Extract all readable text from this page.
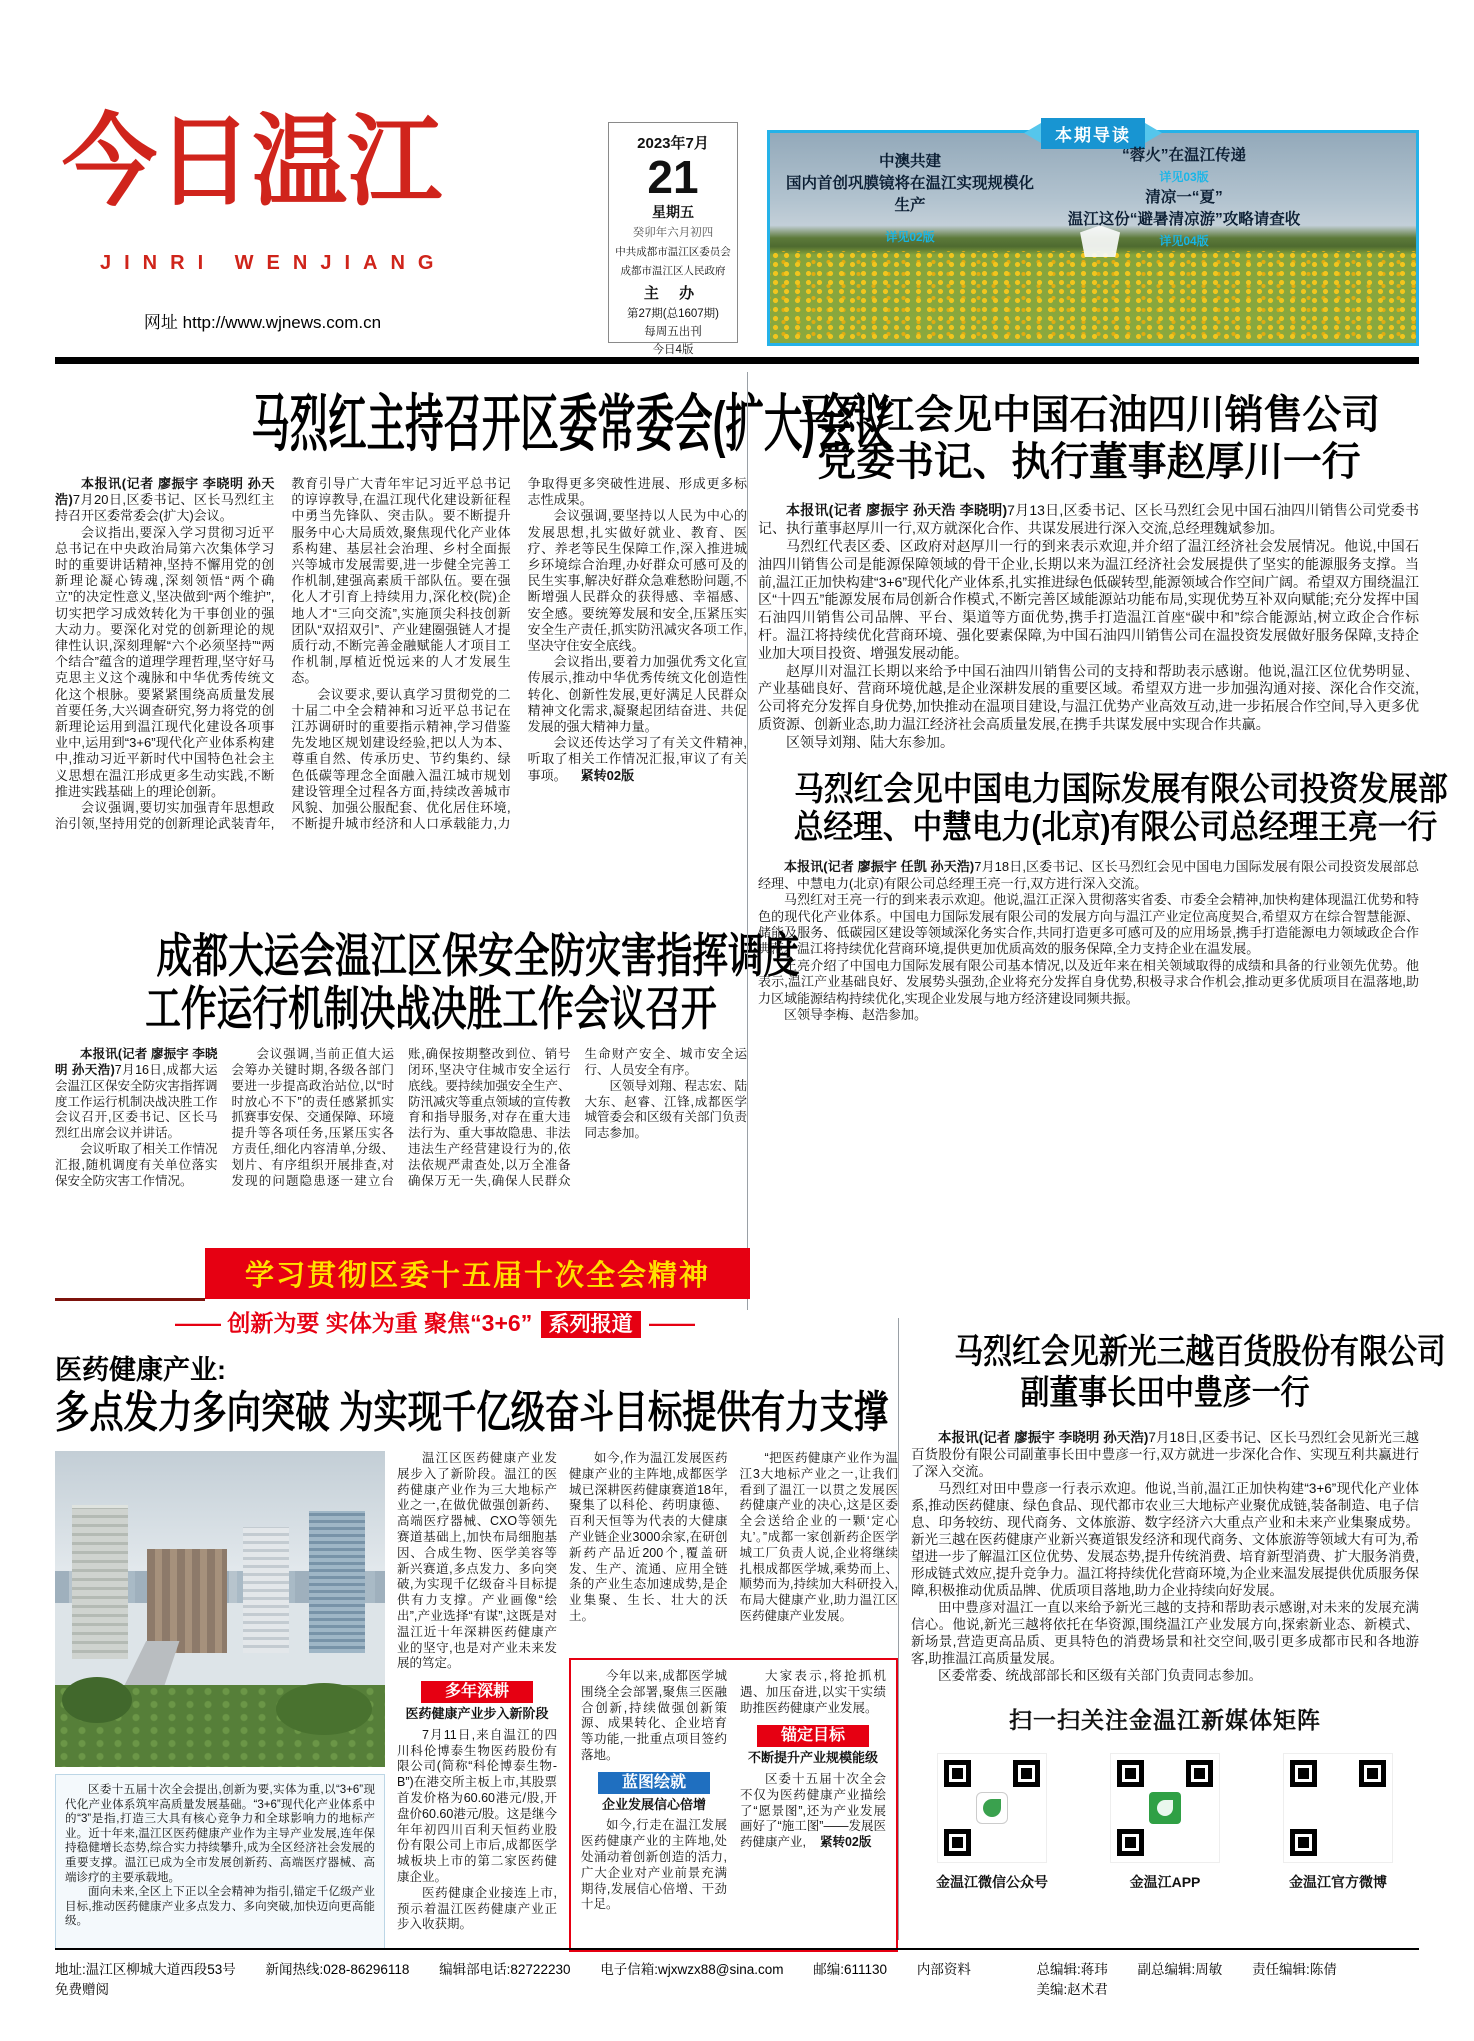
今日温江
JINRI WENJIANG
网址 http://www.wjnews.com.cn
2023年7月
21
星期五
癸卯年六月初四
中共成都市温江区委员会
成都市温江区人民政府
主 办
第27期(总1607期)
每周五出刊
今日4版
本期导读
中澳共建
国内首创巩膜镜将在温江实现规模化生产
详见02版
“蓉火”在温江传递
详见03版
清凉一“夏”
温江这份“避暑清凉游”攻略请查收
详见04版
马烈红主持召开区委常委会(扩大)会议

本报讯(记者 廖振宇 李晓明 孙天浩)7月20日,区委书记、区长马烈红主持召开区委常委会(扩大)会议。

会议指出,要深入学习贯彻习近平总书记在中央政治局第六次集体学习时的重要讲话精神,坚持不懈用党的创新理论凝心铸魂,深刻领悟“两个确立”的决定性意义,坚决做到“两个维护”,切实把学习成效转化为干事创业的强大动力。要深化对党的创新理论的规律性认识,深刻理解“六个必须坚持”“两个结合”蕴含的道理学理哲理,坚守好马克思主义这个魂脉和中华优秀传统文化这个根脉。要紧紧围绕高质量发展首要任务,大兴调查研究,努力将党的创新理论运用到温江现代化建设各项事业中,运用到“3+6”现代化产业体系构建中,推动习近平新时代中国特色社会主义思想在温江形成更多生动实践,不断推进实践基础上的理论创新。

会议强调,要切实加强青年思想政治引领,坚持用党的创新理论武装青年,教育引导广大青年牢记习近平总书记的谆谆教导,在温江现代化建设新征程中勇当先锋队、突击队。要不断提升服务中心大局质效,聚焦现代化产业体系构建、基层社会治理、乡村全面振兴等城市发展需要,进一步健全完善工作机制,建强高素质干部队伍。要在强化人才引育上持续用力,深化校(院)企地人才“三向交流”,实施顶尖科技创新团队“双招双引”、产业建圈强链人才提质行动,不断完善金融赋能人才项目工作机制,厚植近悦远来的人才发展生态。

会议要求,要认真学习贯彻党的二十届二中全会精神和习近平总书记在江苏调研时的重要指示精神,学习借鉴先发地区规划建设经验,把以人为本、尊重自然、传承历史、节约集约、绿色低碳等理念全面融入温江城市规划建设管理全过程各方面,持续改善城市风貌、加强公服配套、优化居住环境,不断提升城市经济和人口承载能力,力争取得更多突破性进展、形成更多标志性成果。

会议强调,要坚持以人民为中心的发展思想,扎实做好就业、教育、医疗、养老等民生保障工作,深入推进城乡环境综合治理,办好群众可感可及的民生实事,解决好群众急难愁盼问题,不断增强人民群众的获得感、幸福感、安全感。要统筹发展和安全,压紧压实安全生产责任,抓实防汛减灾各项工作,坚决守住安全底线。

会议指出,要着力加强优秀文化宣传展示,推动中华优秀传统文化创造性转化、创新性发展,更好满足人民群众精神文化需求,凝聚起团结奋进、共促发展的强大精神力量。

会议还传达学习了有关文件精神,听取了相关工作情况汇报,审议了有关事项。 紧转02版

成都大运会温江区保安全防灾害指挥调度
工作运行机制决战决胜工作会议召开

本报讯(记者 廖振宇 李晓明 孙天浩)7月16日,成都大运会温江区保安全防灾害指挥调度工作运行机制决战决胜工作会议召开,区委书记、区长马烈红出席会议并讲话。

会议听取了相关工作情况汇报,随机调度有关单位落实保安全防灾害工作情况。

会议强调,当前正值大运会筹办关键时期,各级各部门要进一步提高政治站位,以“时时放心不下”的责任感紧抓实抓赛事安保、交通保障、环境提升等各项任务,压紧压实各方责任,细化内容清单,分级、划片、有序组织开展排查,对发现的问题隐患逐一建立台账,确保按期整改到位、销号闭环,坚决守住城市安全运行底线。要持续加强安全生产、防汛减灾等重点领域的宣传教育和指导服务,对存在重大违法行为、重大事故隐患、非法违法生产经营建设行为的,依法依规严肃查处,以万全准备确保万无一失,确保人民群众生命财产安全、城市安全运行、人员安全有序。

区领导刘翔、程志宏、陆大东、赵睿、江锋,成都医学城管委会和区级有关部门负责同志参加。

马烈红会见中国石油四川销售公司
党委书记、执行董事赵厚川一行

本报讯(记者 廖振宇 孙天浩 李晓明)7月13日,区委书记、区长马烈红会见中国石油四川销售公司党委书记、执行董事赵厚川一行,双方就深化合作、共谋发展进行深入交流,总经理魏斌参加。

马烈红代表区委、区政府对赵厚川一行的到来表示欢迎,并介绍了温江经济社会发展情况。他说,中国石油四川销售公司是能源保障领域的骨干企业,长期以来为温江经济社会发展提供了坚实的能源服务支撑。当前,温江正加快构建“3+6”现代化产业体系,扎实推进绿色低碳转型,能源领域合作空间广阔。希望双方围绕温江区“十四五”能源发展布局创新合作模式,不断完善区域能源站功能布局,实现优势互补双向赋能;充分发挥中国石油四川销售公司品牌、平台、渠道等方面优势,携手打造温江首座“碳中和”综合能源站,树立政企合作标杆。温江将持续优化营商环境、强化要素保障,为中国石油四川销售公司在温投资发展做好服务保障,支持企业加大项目投资、增强发展动能。

赵厚川对温江长期以来给予中国石油四川销售公司的支持和帮助表示感谢。他说,温江区位优势明显、产业基础良好、营商环境优越,是企业深耕发展的重要区域。希望双方进一步加强沟通对接、深化合作交流,公司将充分发挥自身优势,加快推动在温项目建设,与温江优势产业高效互动,进一步拓展合作空间,导入更多优质资源、创新业态,助力温江经济社会高质量发展,在携手共谋发展中实现合作共赢。

区领导刘翔、陆大东参加。

马烈红会见中国电力国际发展有限公司投资发展部
总经理、中慧电力(北京)有限公司总经理王亮一行

本报讯(记者 廖振宇 任凯 孙天浩)7月18日,区委书记、区长马烈红会见中国电力国际发展有限公司投资发展部总经理、中慧电力(北京)有限公司总经理王亮一行,双方进行深入交流。

马烈红对王亮一行的到来表示欢迎。他说,温江正深入贯彻落实省委、市委全会精神,加快构建体现温江优势和特色的现代化产业体系。中国电力国际发展有限公司的发展方向与温江产业定位高度契合,希望双方在综合智慧能源、储能及服务、低碳园区建设等领域深化务实合作,共同打造更多可感可及的应用场景,携手打造能源电力领域政企合作典范。温江将持续优化营商环境,提供更加优质高效的服务保障,全力支持企业在温发展。

王亮介绍了中国电力国际发展有限公司基本情况,以及近年来在相关领域取得的成绩和具备的行业领先优势。他表示,温江产业基础良好、发展势头强劲,企业将充分发挥自身优势,积极寻求合作机会,推动更多优质项目在温落地,助力区域能源结构持续优化,实现企业发展与地方经济建设同频共振。

区领导李梅、赵浩参加。

学习贯彻区委十五届十次全会精神
—— 创新为要 实体为重 聚焦“3+6” 系列报道 ——
医药健康产业:
多点发力多向突破 为实现千亿级奋斗目标提供有力支撑

区委十五届十次全会提出,创新为要,实体为重,以“3+6”现代化产业体系筑牢高质量发展基础。“3+6”现代化产业体系中的“3”是指,打造三大具有核心竞争力和全球影响力的地标产业。近十年来,温江区医药健康产业作为主导产业发展,连年保持稳健增长态势,综合实力持续攀升,成为全区经济社会发展的重要支撑。温江已成为全市发展创新药、高端医疗器械、高端诊疗的主要承载地。

面向未来,全区上下正以全会精神为指引,锚定千亿级产业目标,推动医药健康产业多点发力、多向突破,加快迈向更高能级。

温江区医药健康产业发展步入了新阶段。温江的医药健康产业作为三大地标产业之一,在做优做强创新药、高端医疗器械、CXO等领先赛道基础上,加快布局细胞基因、合成生物、医学美容等新兴赛道,多点发力、多向突破,为实现千亿级奋斗目标提供有力支撑。产业画像“绘出”,产业选择“有谋”,这既是对温江近十年深耕医药健康产业的坚守,也是对产业未来发展的笃定。

多年深耕

医药健康产业步入新阶段

7月11日,来自温江的四川科伦博泰生物医药股份有限公司(简称“科伦博泰生物-B”)在港交所主板上市,其股票首发价格为60.60港元/股,开盘价60.60港元/股。这是继今年年初四川百利天恒药业股份有限公司上市后,成都医学城板块上市的第二家医药健康企业。

医药健康企业接连上市,预示着温江医药健康产业正步入收获期。

如今,作为温江发展医药健康产业的主阵地,成都医学城已深耕医药健康赛道18年,聚集了以科伦、药明康德、百利天恒等为代表的大健康产业链企业3000余家,在研创新药产品近200个,覆盖研发、生产、流通、应用全链条的产业生态加速成势,是企业集聚、生长、壮大的沃土。

“把医药健康产业作为温江3大地标产业之一,让我们看到了温江一以贯之发展医药健康产业的决心,这是区委全会送给企业的一颗‘定心丸’。”成都一家创新药企医学城工厂负责人说,企业将继续扎根成都医学城,乘势而上、顺势而为,持续加大科研投入,布局大健康产业,助力温江区医药健康产业发展。

今年以来,成都医学城围绕全会部署,聚焦三医融合创新,持续做强创新策源、成果转化、企业培育等功能,一批重点项目签约落地。

蓝图绘就

企业发展信心倍增

如今,行走在温江发展医药健康产业的主阵地,处处涌动着创新创造的活力,广大企业对产业前景充满期待,发展信心倍增、干劲十足。

大家表示,将抢抓机遇、加压奋进,以实干实绩助推医药健康产业发展。

锚定目标

不断提升产业规模能级

区委十五届十次全会不仅为医药健康产业描绘了“愿景图”,还为产业发展画好了“施工图”——发展医药健康产业, 紧转02版

马烈红会见新光三越百货股份有限公司
副董事长田中豊彦一行

本报讯(记者 廖振宇 李晓明 孙天浩)7月18日,区委书记、区长马烈红会见新光三越百货股份有限公司副董事长田中豊彦一行,双方就进一步深化合作、实现互利共赢进行了深入交流。

马烈红对田中豊彦一行表示欢迎。他说,当前,温江正加快构建“3+6”现代化产业体系,推动医药健康、绿色食品、现代都市农业三大地标产业聚优成链,装备制造、电子信息、印务较纺、现代商务、文体旅游、数字经济六大重点产业和未来产业集聚成势。新光三越在医药健康产业新兴赛道银发经济和现代商务、文体旅游等领域大有可为,希望进一步了解温江区位优势、发展态势,提升传统消费、培育新型消费、扩大服务消费,形成链式效应,提升竞争力。温江将持续优化营商环境,为企业来温发展提供优质服务保障,积极推动优质品牌、优质项目落地,助力企业持续向好发展。

田中豊彦对温江一直以来给予新光三越的支持和帮助表示感谢,对未来的发展充满信心。他说,新光三越将依托在华资源,围绕温江产业发展方向,探索新业态、新模式、新场景,营造更高品质、更具特色的消费场景和社交空间,吸引更多成都市民和各地游客,助推温江高质量发展。

区委常委、统战部部长和区级有关部门负责同志参加。

扫一扫关注金温江新媒体矩阵
金温江微信公众号	金温江APP	金温江官方微博
地址:温江区柳城大道西段53号 新闻热线:028-86296118 编辑部电话:82722230 电子信箱:wjxwzx88@sina.com 邮编:611130 内部资料 免费赠阅
总编辑:蒋玮 副总编辑:周敏 责任编辑:陈倩 美编:赵术君
